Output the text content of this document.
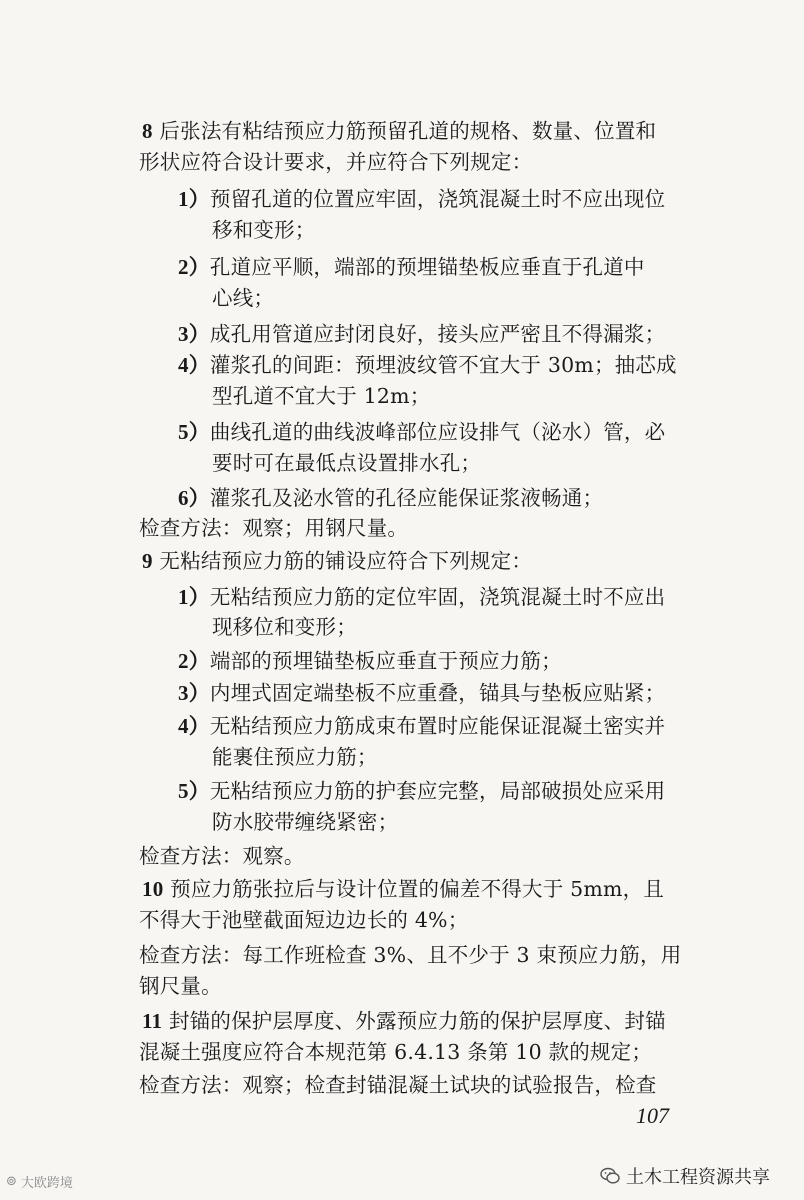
8 后张法有粘结预应力筋预留孔道的规格、数量、位置和
形状应符合设计要求，并应符合下列规定：
1）预留孔道的位置应牢固，浇筑混凝土时不应出现位
移和变形；
2）孔道应平顺，端部的预埋锚垫板应垂直于孔道中
心线；
3）成孔用管道应封闭良好，接头应严密且不得漏浆；
4）灌浆孔的间距：预埋波纹管不宜大于 30m；抽芯成
型孔道不宜大于 12m；
5）曲线孔道的曲线波峰部位应设排气（泌水）管，必
要时可在最低点设置排水孔；
6）灌浆孔及泌水管的孔径应能保证浆液畅通；
检查方法：观察；用钢尺量。
9 无粘结预应力筋的铺设应符合下列规定：
1）无粘结预应力筋的定位牢固，浇筑混凝土时不应出
现移位和变形；
2）端部的预埋锚垫板应垂直于预应力筋；
3）内埋式固定端垫板不应重叠，锚具与垫板应贴紧；
4）无粘结预应力筋成束布置时应能保证混凝土密实并
能裹住预应力筋；
5）无粘结预应力筋的护套应完整，局部破损处应采用
防水胶带缠绕紧密；
检查方法：观察。
10 预应力筋张拉后与设计位置的偏差不得大于 5mm，且
不得大于池壁截面短边边长的 4%；
检查方法：每工作班检查 3%、且不少于 3 束预应力筋，用
钢尺量。
11 封锚的保护层厚度、外露预应力筋的保护层厚度、封锚
混凝土强度应符合本规范第 6.4.13 条第 10 款的规定；
检查方法：观察；检查封锚混凝土试块的试验报告，检查
107
⊚ 大欧跨境	土木工程资源共享
